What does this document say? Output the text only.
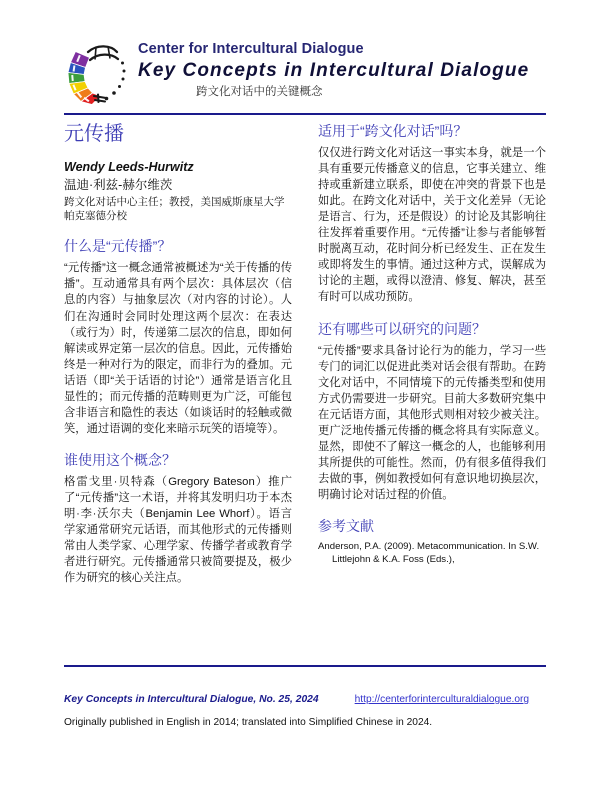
Center for Intercultural Dialogue
Key Concepts in Intercultural Dialogue
跨文化对话中的关键概念
元传播
Wendy Leeds-Hurwitz
温迪·利兹-赫尔维茨
跨文化对话中心主任；教授，美国威斯康星大学帕克塞德分校
什么是“元传播”？

“元传播”这一概念通常被概述为“关于传播的传播”。互动通常具有两个层次：具体层次（信息的内容）与抽象层次（对内容的讨论）。人们在沟通时会同时处理这两个层次：在表达（或行为）时，传递第二层次的信息，即如何解读或界定第一层次的信息。因此，元传播始终是一种对行为的限定，而非行为的叠加。元话语（即“关于话语的讨论”）通常是语言化且显性的；而元传播的范畴则更为广泛，可能包含非语言和隐性的表达（如谈话时的轻触或微笑，通过语调的变化来暗示玩笑的语境等）。

谁使用这个概念？

格雷戈里·贝特森（Gregory Bateson）推广了“元传播”这一术语，并将其发明归功于本杰明·李·沃尔夫（Benjamin Lee Whorf）。语言学家通常研究元话语，而其他形式的元传播则常由人类学家、心理学家、传播学者或教育学者进行研究。元传播通常只被简要提及，极少作为研究的核心关注点。

适用于“跨文化对话”吗？

仅仅进行跨文化对话这一事实本身，就是一个具有重要元传播意义的信息，它事关建立、维持或重新建立联系，即使在冲突的背景下也是如此。在跨文化对话中，关于文化差异（无论是语言、行为，还是假设）的讨论及其影响往往发挥着重要作用。“元传播”让参与者能够暂时脱离互动，花时间分析已经发生、正在发生或即将发生的事情。通过这种方式，误解成为讨论的主题，或得以澄清、修复、解决，甚至有时可以成功预防。

还有哪些可以研究的问题？

“元传播”要求具备讨论行为的能力，学习一些专门的词汇以促进此类对话会很有帮助。在跨文化对话中，不同情境下的元传播类型和使用方式仍需要进一步研究。目前大多数研究集中在元话语方面，其他形式则相对较少被关注。更广泛地传播元传播的概念将具有实际意义。显然，即使不了解这一概念的人，也能够利用其所提供的可能性。然而，仍有很多值得我们去做的事，例如教授如何有意识地切换层次，明确讨论对话过程的价值。

参考文献

Anderson, P.A. (2009). Metacommunication. In S.W. Littlejohn & K.A. Foss (Eds.),

Key Concepts in Intercultural Dialogue, No. 25, 2024	http://centerforinterculturaldialogue.org
Originally published in English in 2014; translated into Simplified Chinese in 2024.
